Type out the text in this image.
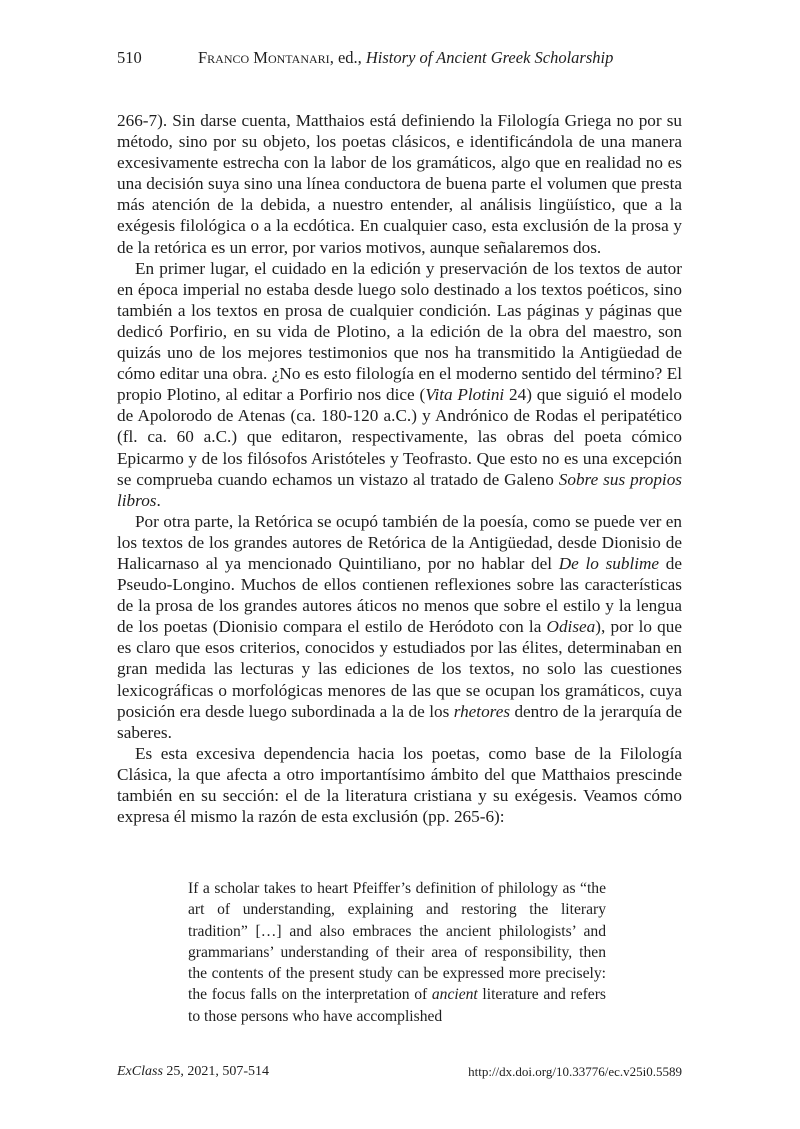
510	Franco Montanari, ed., History of Ancient Greek Scholarship

266-7). Sin darse cuenta, Matthaios está definiendo la Filología Griega no por su método, sino por su objeto, los poetas clásicos, e identificándola de una manera excesivamente estrecha con la labor de los gramáticos, algo que en realidad no es una decisión suya sino una línea conductora de buena parte el volumen que presta más atención de la debida, a nuestro entender, al análisis lingüístico, que a la exégesis filológica o a la ecdótica. En cualquier caso, esta exclusión de la prosa y de la retórica es un error, por varios motivos, aunque señalaremos dos.

En primer lugar, el cuidado en la edición y preservación de los textos de autor en época imperial no estaba desde luego solo destinado a los textos poéticos, sino también a los textos en prosa de cualquier condición. Las páginas y páginas que dedicó Porfirio, en su vida de Plotino, a la edición de la obra del maestro, son quizás uno de los mejores testimonios que nos ha transmitido la Antigüedad de cómo editar una obra. ¿No es esto filología en el moderno sentido del término? El propio Plotino, al editar a Porfirio nos dice (Vita Plotini 24) que siguió el modelo de Apolorodo de Atenas (ca. 180-120 a.C.) y Andrónico de Rodas el peripatético (fl. ca. 60 a.C.) que editaron, respectivamente, las obras del poeta cómico Epicarmo y de los filósofos Aristóteles y Teofrasto. Que esto no es una excepción se comprueba cuando echamos un vistazo al tratado de Galeno Sobre sus propios libros.

Por otra parte, la Retórica se ocupó también de la poesía, como se puede ver en los textos de los grandes autores de Retórica de la Antigüedad, desde Dionisio de Halicarnaso al ya mencionado Quintiliano, por no hablar del De lo sublime de Pseudo-Longino. Muchos de ellos contienen reflexiones sobre las características de la prosa de los grandes autores áticos no menos que sobre el estilo y la lengua de los poetas (Dionisio compara el estilo de Heródoto con la Odisea), por lo que es claro que esos criterios, conocidos y estudiados por las élites, determinaban en gran medida las lecturas y las ediciones de los textos, no solo las cuestiones lexicográficas o morfológicas menores de las que se ocupan los gramáticos, cuya posición era desde luego subordinada a la de los rhetores dentro de la jerarquía de saberes.

Es esta excesiva dependencia hacia los poetas, como base de la Filología Clásica, la que afecta a otro importantísimo ámbito del que Matthaios prescinde también en su sección: el de la literatura cristiana y su exégesis. Veamos cómo expresa él mismo la razón de esta exclusión (pp. 265-6):

If a scholar takes to heart Pfeiffer’s definition of philology as “the art of understanding, explaining and restoring the literary tradition” […] and also embraces the ancient philologists’ and grammarians’ understanding of their area of responsibility, then the contents of the present study can be expressed more precisely: the focus falls on the interpretation of ancient literature and refers to those persons who have accomplished
ExClass 25, 2021, 507-514	http://dx.doi.org/10.33776/ec.v25i0.5589
